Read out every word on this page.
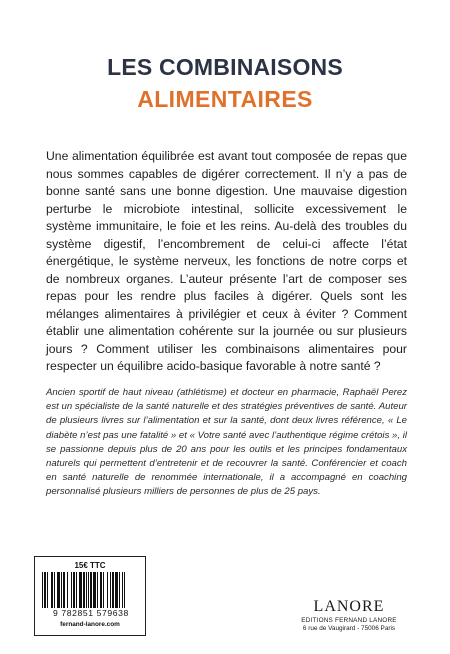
LES COMBINAISONS
ALIMENTAIRES
Une alimentation équilibrée est avant tout composée de repas que nous sommes capables de digérer correctement. Il n’y a pas de bonne santé sans une bonne digestion. Une mauvaise digestion perturbe le microbiote intestinal, sollicite excessivement le système immunitaire, le foie et les reins. Au-delà des troubles du système digestif, l’encombrement de celui-ci affecte l’état énergétique, le système nerveux, les fonctions de notre corps et de nombreux organes. L’auteur présente l’art de composer ses repas pour les rendre plus faciles à digérer. Quels sont les mélanges alimentaires à privilégier et ceux à éviter ? Comment établir une alimentation cohérente sur la journée ou sur plusieurs jours ? Comment utiliser les combinaisons alimentaires pour respecter un équilibre acido-basique favorable à notre santé ?
Ancien sportif de haut niveau (athlétisme) et docteur en pharmacie, Raphaël Perez est un spécialiste de la santé naturelle et des stratégies préventives de santé. Auteur de plusieurs livres sur l’alimentation et sur la santé, dont deux livres référence, « Le diabète n’est pas une fatalité » et « Votre santé avec l’authentique régime crétois », il se passionne depuis plus de 20 ans pour les outils et les principes fondamentaux naturels qui permettent d’entretenir et de recouvrer la santé. Conférencier et coach en santé naturelle de renommée internationale, il a accompagné en coaching personnalisé plusieurs milliers de personnes de plus de 25 pays.
15€ TTC
9 782851 579638
fernand-lanore.com
LANORE
EDITIONS FERNAND LANORE
6 rue de Vaugirard - 75006 Paris
